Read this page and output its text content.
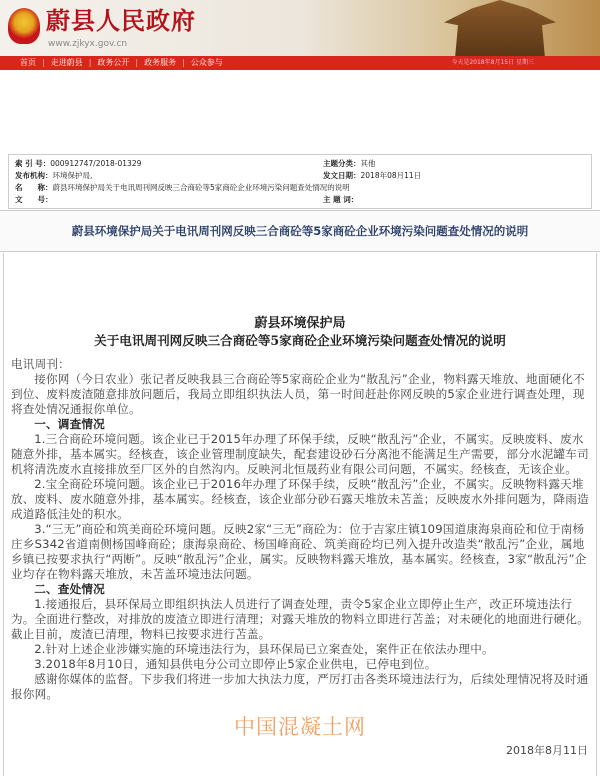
蔚县人民政府
www.zjkyx.gov.cn
首页 | 走进蔚县 | 政务公开 | 政务服务 | 公众参与	今天是2018年8月15日 星期三
索 引 号：000912747/2018-01329	主题分类：其他
发布机构：环境保护局,	发文日期：2018年08月11日
名　　称：蔚县环境保护局关于电讯周刊网反映三合商砼等5家商砼企业环境污染问题查处情况的说明
文　　号：	主 题 词：
蔚县环境保护局关于电讯周刊网反映三合商砼等5家商砼企业环境污染问题查处情况的说明
蔚县环境保护局
关于电讯周刊网反映三合商砼等5家商砼企业环境污染问题查处情况的说明

电讯周刊：

接你网（今日农业）张记者反映我县三合商砼等5家商砼企业为“散乱污”企业，物料露天堆放、地面硬化不到位、废料废渣随意排放问题后，我局立即组织执法人员，第一时间赶赴你网反映的5家企业进行调查处理，现将查处情况通报你单位。

一、调查情况

1.三合商砼环境问题。该企业已于2015年办理了环保手续，反映“散乱污”企业，不属实。反映废料、废水随意外排，基本属实。经核查，该企业管理制度缺失，配套建设砂石分离池不能满足生产需要，部分水泥罐车司机将清洗废水直接排放至厂区外的自然沟内。反映河北恒晟药业有限公司问题，不属实。经核查，无该企业。

2.宝全商砼环境问题。该企业已于2016年办理了环保手续，反映“散乱污”企业，不属实。反映物料露天堆放、废料、废水随意外排，基本属实。经核查，该企业部分砂石露天堆放未苫盖；反映废水外排问题为，降雨造成道路低洼处的积水。

3.“三无”商砼和筑美商砼环境问题。反映2家“三无”商砼为：位于吉家庄镇109国道康海泉商砼和位于南杨庄乡S342省道南侧杨国峰商砼；康海泉商砼、杨国峰商砼、筑美商砼均已列入提升改造类“散乱污”企业，属地乡镇已按要求执行“两断”。反映“散乱污”企业，属实。反映物料露天堆放，基本属实。经核查，3家“散乱污”企业均存在物料露天堆放，未苫盖环境违法问题。

二、查处情况

1.接通报后，县环保局立即组织执法人员进行了调查处理，责令5家企业立即停止生产，改正环境违法行为。全面进行整改，对排放的废渣立即进行清理；对露天堆放的物料立即进行苫盖；对未硬化的地面进行硬化。截止目前，废渣已清理，物料已按要求进行苫盖。

2.针对上述企业涉嫌实施的环境违法行为，县环保局已立案查处，案件正在依法办理中。

3.2018年8月10日，通知县供电分公司立即停止5家企业供电，已停电到位。

感谢你媒体的监督。下步我们将进一步加大执法力度，严厉打击各类环境违法行为，后续处理情况将及时通报你网。

中国混凝土网
2018年8月11日
